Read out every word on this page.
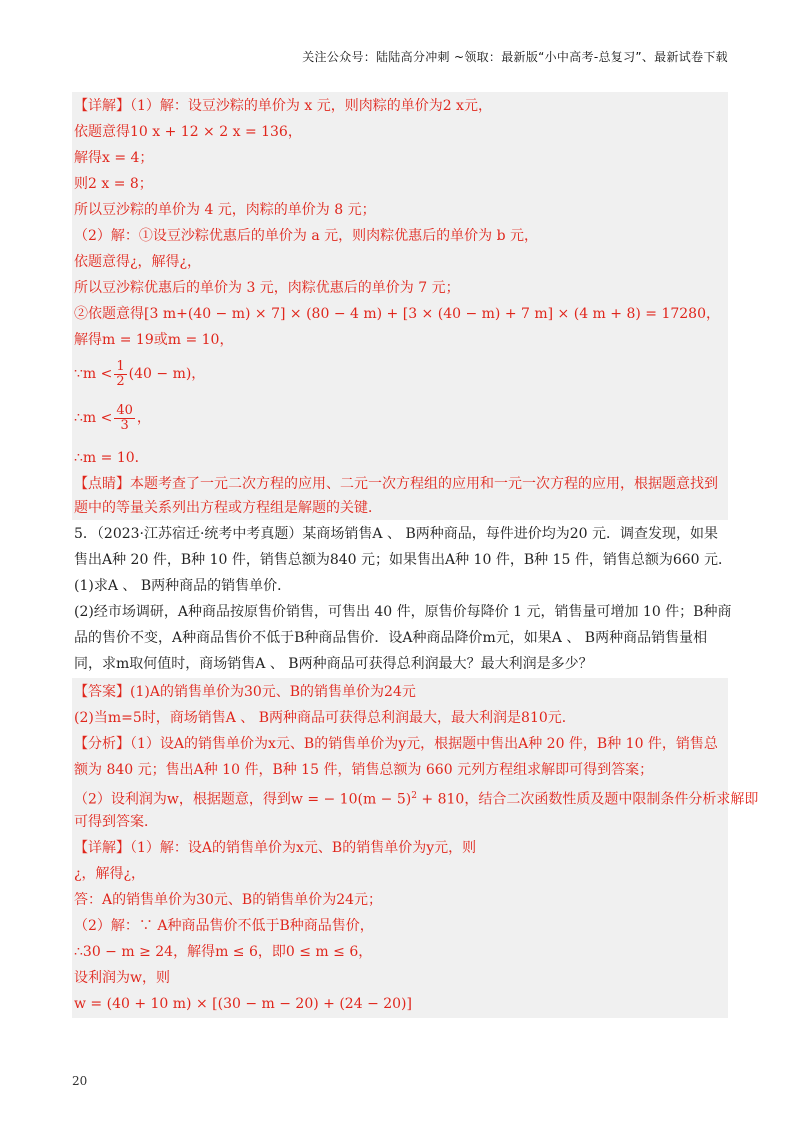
关注公众号：陆陆高分冲刺 ~领取：最新版“小中高考-总复习”、最新试卷下载
【详解】（1）解：设豆沙粽的单价为 x 元，则肉粽的单价为2 x元，
依题意得10 x + 12 × 2 x = 136，
解得x = 4；
则2 x = 8；
所以豆沙粽的单价为 4 元，肉粽的单价为 8 元；
（2）解：①设豆沙粽优惠后的单价为 a 元，则肉粽优惠后的单价为 b 元，
依题意得¿，解得¿，
所以豆沙粽优惠后的单价为 3 元，肉粽优惠后的单价为 7 元；
②依题意得[3 m+(40 − m) × 7] × (80 − 4 m) + [3 × (40 − m) + 7 m] × (4 m + 8) = 17280，
解得m = 19或m = 10，
∵m < $\frac{1}{2} (40 - m)$，
∴m < $\frac{40}{3}$ ，
∴m = 10．
【点睛】本题考查了一元二次方程的应用、二元一次方程组的应用和一元一次方程的应用，根据题意找到
题中的等量关系列出方程或方程组是解题的关键．
5．（2023·江苏宿迁·统考中考真题）某商场销售A 、 B两种商品，每件进价均为20 元．调查发现，如果
售出A种 20 件，B种 10 件，销售总额为840 元；如果售出A种 10 件，B种 15 件，销售总额为660 元．
(1)求A 、 B两种商品的销售单价．
(2)经市场调研，A种商品按原售价销售，可售出 40 件，原售价每降价 1 元，销售量可增加 10 件；B种商
品的售价不变，A种商品售价不低于B种商品售价．设A种商品降价m元，如果A 、 B两种商品销售量相
同，求m取何值时，商场销售A 、 B两种商品可获得总利润最大？最大利润是多少？
【答案】(1)A的销售单价为30元、B的销售单价为24元
(2)当m=5时，商场销售A 、 B两种商品可获得总利润最大，最大利润是810元．
【分析】（1）设A的销售单价为x元、B的销售单价为y元，根据题中售出A种 20 件，B种 10 件，销售总
额为 840 元；售出A种 10 件，B种 15 件，销售总额为 660 元列方程组求解即可得到答案；
（2）设利润为w，根据题意，得到w = − $10(m - 5)^2 + 810$，结合二次函数性质及题中限制条件分析求解即
可得到答案．
【详解】（1）解：设A的销售单价为x元、B的销售单价为y元，则
¿，解得¿，
答：A的销售单价为30元、B的销售单价为24元；
（2）解：∵ A种商品售价不低于B种商品售价，
∴30 − m ≥ 24，解得m ≤ 6，即0 ≤ m ≤ 6，
设利润为w，则
w = (40 + 10 m) × [(30 − m − 20) + (24 − 20)]
20
